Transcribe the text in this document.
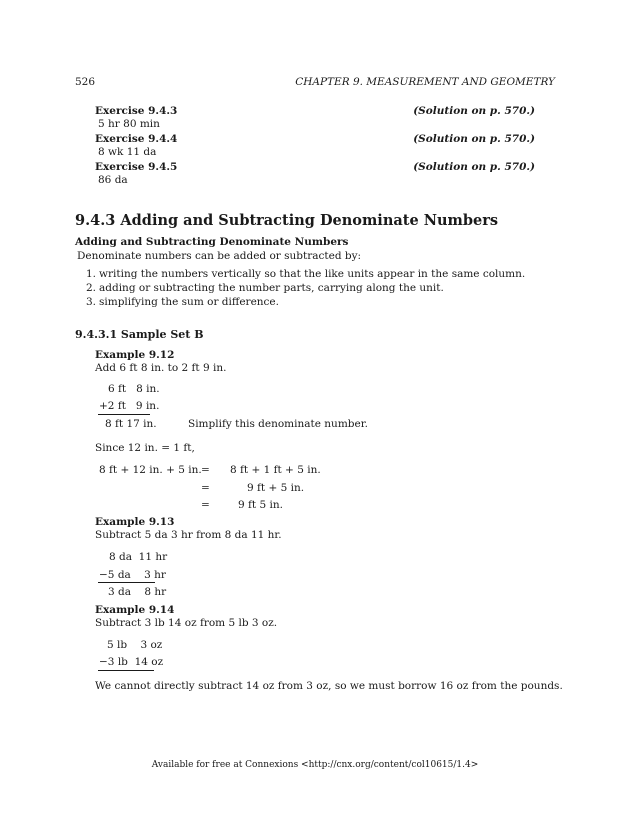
526	CHAPTER 9. MEASUREMENT AND GEOMETRY
Exercise 9.4.3	(Solution on p. 570.)
5 hr 80 min
Exercise 9.4.4	(Solution on p. 570.)
8 wk 11 da
Exercise 9.4.5	(Solution on p. 570.)
86 da
9.4.3 Adding and Subtracting Denominate Numbers
Adding and Subtracting Denominate Numbers
Denominate numbers can be added or subtracted by:
1. writing the numbers vertically so that the like units appear in the same column.
2. adding or subtracting the number parts, carrying along the unit.
3. simplifying the sum or difference.
9.4.3.1 Sample Set B
Example 9.12
Add 6 ft 8 in. to 2 ft 9 in.
6 ft   8 in.
+2 ft   9 in.
8 ft 17 in.	Simplify this denominate number.
Since 12 in. = 1 ft,
8 ft + 12 in. + 5 in. = 8 ft + 1 ft + 5 in.
=	9 ft + 5 in.
=	9 ft 5 in.
Example 9.13
Subtract 5 da 3 hr from 8 da 11 hr.
8 da  11 hr
−5 da    3 hr
3 da    8 hr
Example 9.14
Subtract 3 lb 14 oz from 5 lb 3 oz.
5 lb    3 oz
−3 lb  14 oz
We cannot directly subtract 14 oz from 3 oz, so we must borrow 16 oz from the pounds.
Available for free at Connexions <http://cnx.org/content/col10615/1.4>
